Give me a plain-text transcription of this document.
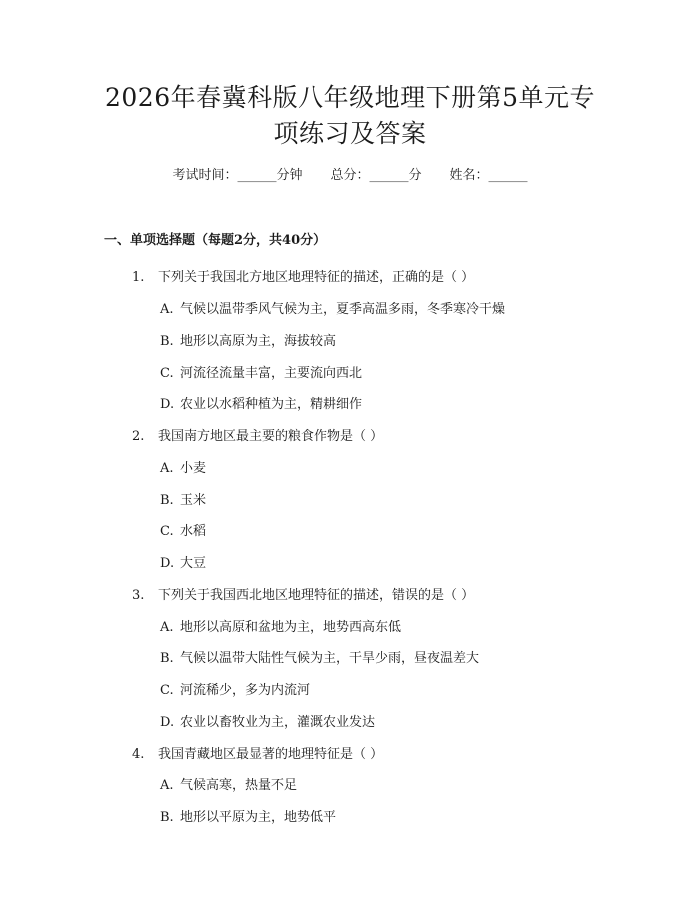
2026年春冀科版八年级地理下册第5单元专
项练习及答案
考试时间：______分钟 总分：______分 姓名：______
一、单项选择题（每题2分，共40分）
1. 下列关于我国北方地区地理特征的描述，正确的是（ ）
A. 气候以温带季风气候为主，夏季高温多雨，冬季寒冷干燥
B. 地形以高原为主，海拔较高
C. 河流径流量丰富，主要流向西北
D. 农业以水稻种植为主，精耕细作
2. 我国南方地区最主要的粮食作物是（ ）
A. 小麦
B. 玉米
C. 水稻
D. 大豆
3. 下列关于我国西北地区地理特征的描述，错误的是（ ）
A. 地形以高原和盆地为主，地势西高东低
B. 气候以温带大陆性气候为主，干旱少雨，昼夜温差大
C. 河流稀少，多为内流河
D. 农业以畜牧业为主，灌溉农业发达
4. 我国青藏地区最显著的地理特征是（ ）
A. 气候高寒，热量不足
B. 地形以平原为主，地势低平
